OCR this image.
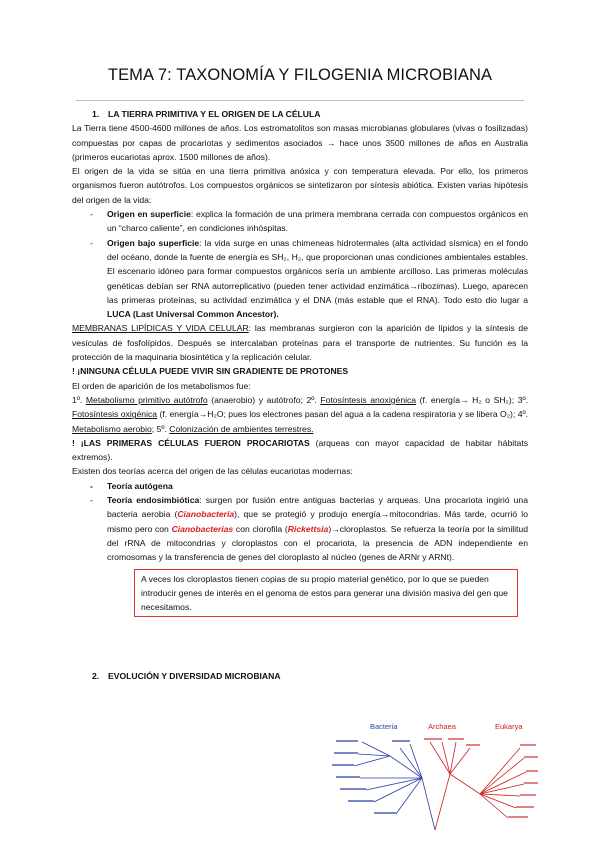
TEMA 7: TAXONOMÍA Y FILOGENIA MICROBIANA
1. LA TIERRA PRIMITIVA Y EL ORIGEN DE LA CÉLULA

La Tierra tiene 4500-4600 millones de años. Los estromatolitos son masas microbianas globulares (vivas o fosilizadas) compuestas por capas de procariotas y sedimentos asociados → hace unos 3500 millones de años en Australia (primeros eucariotas aprox. 1500 millones de años).

El origen de la vida se sitúa en una tierra primitiva anóxica y con temperatura elevada. Por ello, los primeros organismos fueron autótrofos. Los compuestos orgánicos se sintetizaron por síntesis abiótica. Existen varias hipótesis del origen de la vida:

- Origen en superficie: explica la formación de una primera membrana cerrada con compuestos orgánicos en un “charco caliente”, en condiciones inhóspitas.
- Origen bajo superficie: la vida surge en unas chimeneas hidrotermales (alta actividad sísmica) en el fondo del océano, donde la fuente de energía es SH₂, H₂, que proporcionan unas condiciones ambientales estables. El escenario idóneo para formar compuestos orgánicos sería un ambiente arcilloso. Las primeras moléculas genéticas debían ser RNA autorreplicativo (pueden tener actividad enzimática→ribozimas). Luego, aparecen las primeras proteínas, su actividad enzimática y el DNA (más estable que el RNA). Todo esto dio lugar a LUCA (Last Universal Common Ancestor).

MEMBRANAS LIPÍDICAS Y VIDA CELULAR: las membranas surgieron con la aparición de lípidos y la síntesis de vesículas de fosfolípidos. Después se intercalaban proteínas para el transporte de nutrientes. Su función es la protección de la maquinaria biosintética y la replicación celular.

! ¡NINGUNA CÉLULA PUEDE VIVIR SIN GRADIENTE DE PROTONES

El orden de aparición de los metabolismos fue:

1º. Metabolismo primitivo autótrofo (anaerobio) y autótrofo; 2º. Fotosíntesis anoxigénica (f. energía→ H₂ o SH₂); 3º. Fotosíntesis oxigénica (f. energía→H₂O; pues los electrones pasan del agua a la cadena respiratoria y se libera O₂); 4º. Metabolismo aerobio; 5º. Colonización de ambientes terrestres.

! ¡LAS PRIMERAS CÉLULAS FUERON PROCARIOTAS (arqueas con mayor capacidad de habitar hábitats extremos).

Existen dos teorías acerca del origen de las células eucariotas modernas:

- Teoría autógena
- Teoría endosimbiótica: surgen por fusión entre antiguas bacterias y arqueas. Una procariota ingirió una bacteria aerobia (Cianobacteria), que se protegió y produjo energía→mitocondrias. Más tarde, ocurrió lo mismo pero con Cianobacterias con clorofila (Rickettsia)→cloroplastos. Se refuerza la teoría por la similitud del rRNA de mitocondrias y cloroplastos con el procariota, la presencia de ADN independiente en cromosomas y la transferencia de genes del cloroplasto al núcleo (genes de ARNr y ARNt).
A veces los cloroplastos tienen copias de su propio material genético, por lo que se pueden introducir genes de interés en el genoma de estos para generar una división masiva del gen que necesitamos.
2. EVOLUCIÓN Y DIVERSIDAD MICROBIANA
Bacteria	Archaea	Eukarya
